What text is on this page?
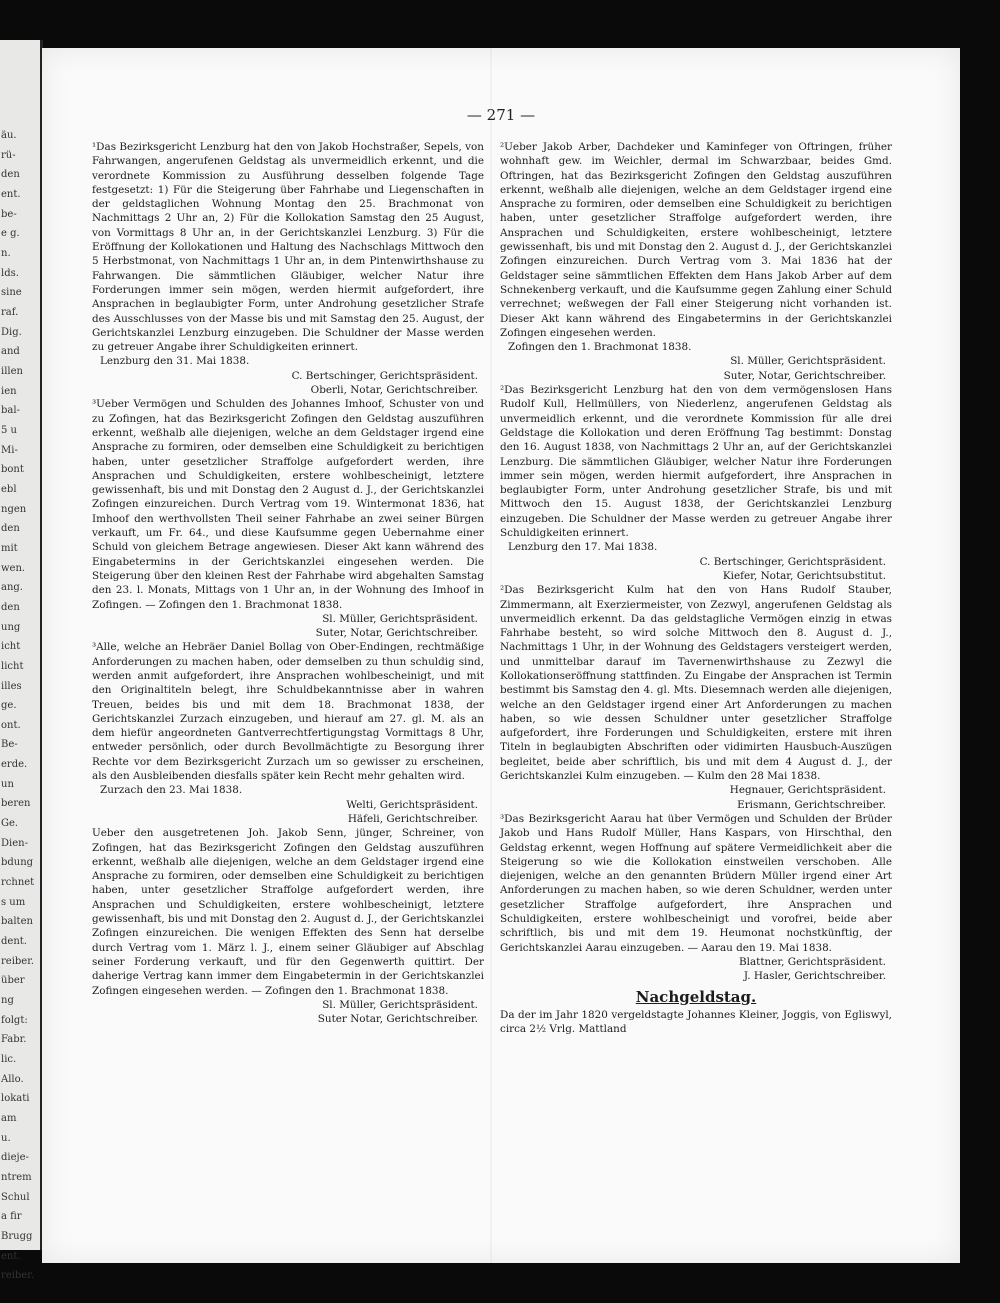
äu.
rü-
den
ent.
be-
e g.
n.
lds.
sine
raf.
Dig.
and
illen
ien
bal-
5 u
Mi-
bont
ebl
ngen
den
mit
wen.
ang.
den
ung
icht
licht
illes
ge.
ont.
Be-
erde.
un
beren
Ge.
Dien-
bdung
rchnet
s um
balten
dent.
reiber.
über
ng
folgt:
Fabr.
lic.
Allo.
lokati
am
u.
dieje-
ntrem
Schul
a fir
Brugg
ent.
reiber.
— 271 —

¹Das Bezirksgericht Lenzburg hat den von Jakob Hochstraßer, Sepels, von Fahrwangen, angerufenen Geldstag als unvermeidlich erkennt, und die verordnete Kommission zu Ausführung desselben folgende Tage festgesetzt: 1) Für die Steigerung über Fahrhabe und Liegenschaften in der geldstaglichen Wohnung Montag den 25. Brachmonat von Nachmittags 2 Uhr an, 2) Für die Kollokation Samstag den 25 August, von Vormittags 8 Uhr an, in der Gerichtskanzlei Lenzburg. 3) Für die Eröffnung der Kollokationen und Haltung des Nachschlags Mittwoch den 5 Herbstmonat, von Nachmittags 1 Uhr an, in dem Pintenwirthshause zu Fahrwangen. Die sämmtlichen Gläubiger, welcher Natur ihre Forderungen immer sein mögen, werden hiermit aufgefordert, ihre Ansprachen in beglaubigter Form, unter Androhung gesetzlicher Strafe des Ausschlusses von der Masse bis und mit Samstag den 25. August, der Gerichtskanzlei Lenzburg einzugeben. Die Schuldner der Masse werden zu getreuer Angabe ihrer Schuldigkeiten erinnert.

Lenzburg den 31. Mai 1838.
C. Bertschinger, Gerichtspräsident.
Oberli, Notar, Gerichtschreiber.

³Ueber Vermögen und Schulden des Johannes Imhoof, Schuster von und zu Zofingen, hat das Bezirksgericht Zofingen den Geldstag auszuführen erkennt, weßhalb alle diejenigen, welche an dem Geldstager irgend eine Ansprache zu formiren, oder demselben eine Schuldigkeit zu berichtigen haben, unter gesetzlicher Straffolge aufgefordert werden, ihre Ansprachen und Schuldigkeiten, erstere wohlbescheinigt, letztere gewissenhaft, bis und mit Donstag den 2 August d. J., der Gerichtskanzlei Zofingen einzureichen. Durch Vertrag vom 19. Wintermonat 1836, hat Imhoof den werthvollsten Theil seiner Fahrhabe an zwei seiner Bürgen verkauft, um Fr. 64., und diese Kaufsumme gegen Uebernahme einer Schuld von gleichem Betrage angewiesen. Dieser Akt kann während des Eingabetermins in der Gerichtskanzlei eingesehen werden. Die Steigerung über den kleinen Rest der Fahrhabe wird abgehalten Samstag den 23. l. Monats, Mittags von 1 Uhr an, in der Wohnung des Imhoof in Zofingen. — Zofingen den 1. Brachmonat 1838.

Sl. Müller, Gerichtspräsident.
Suter, Notar, Gerichtschreiber.

³Alle, welche an Hebräer Daniel Bollag von Ober-Endingen, rechtmäßige Anforderungen zu machen haben, oder demselben zu thun schuldig sind, werden anmit aufgefordert, ihre Ansprachen wohlbescheinigt, und mit den Originaltiteln belegt, ihre Schuldbekanntnisse aber in wahren Treuen, beides bis und mit dem 18. Brachmonat 1838, der Gerichtskanzlei Zurzach einzugeben, und hierauf am 27. gl. M. als an dem hiefür angeordneten Gantverrechtfertigungstag Vormittags 8 Uhr, entweder persönlich, oder durch Bevollmächtigte zu Besorgung ihrer Rechte vor dem Bezirksgericht Zurzach um so gewisser zu erscheinen, als den Ausbleibenden diesfalls später kein Recht mehr gehalten wird.

Zurzach den 23. Mai 1838.
Welti, Gerichtspräsident.
Häfeli, Gerichtschreiber.

Ueber den ausgetretenen Joh. Jakob Senn, jünger, Schreiner, von Zofingen, hat das Bezirksgericht Zofingen den Geldstag auszuführen erkennt, weßhalb alle diejenigen, welche an dem Geldstager irgend eine Ansprache zu formiren, oder demselben eine Schuldigkeit zu berichtigen haben, unter gesetzlicher Straffolge aufgefordert werden, ihre Ansprachen und Schuldigkeiten, erstere wohlbescheinigt, letztere gewissenhaft, bis und mit Donstag den 2. August d. J., der Gerichtskanzlei Zofingen einzureichen. Die wenigen Effekten des Senn hat derselbe durch Vertrag vom 1. März l. J., einem seiner Gläubiger auf Abschlag seiner Forderung verkauft, und für den Gegenwerth quittirt. Der daherige Vertrag kann immer dem Eingabetermin in der Gerichtskanzlei Zofingen eingesehen werden. — Zofingen den 1. Brachmonat 1838.

Sl. Müller, Gerichtspräsident.
Suter Notar, Gerichtschreiber.

²Ueber Jakob Arber, Dachdeker und Kaminfeger von Oftringen, früher wohnhaft gew. im Weichler, dermal im Schwarzbaar, beides Gmd. Oftringen, hat das Bezirksgericht Zofingen den Geldstag auszuführen erkennt, weßhalb alle diejenigen, welche an dem Geldstager irgend eine Ansprache zu formiren, oder demselben eine Schuldigkeit zu berichtigen haben, unter gesetzlicher Straffolge aufgefordert werden, ihre Ansprachen und Schuldigkeiten, erstere wohlbescheinigt, letztere gewissenhaft, bis und mit Donstag den 2. August d. J., der Gerichtskanzlei Zofingen einzureichen. Durch Vertrag vom 3. Mai 1836 hat der Geldstager seine sämmtlichen Effekten dem Hans Jakob Arber auf dem Schnekenberg verkauft, und die Kaufsumme gegen Zahlung einer Schuld verrechnet; weßwegen der Fall einer Steigerung nicht vorhanden ist. Dieser Akt kann während des Eingabetermins in der Gerichtskanzlei Zofingen eingesehen werden.

Zofingen den 1. Brachmonat 1838.
Sl. Müller, Gerichtspräsident.
Suter, Notar, Gerichtschreiber.

²Das Bezirksgericht Lenzburg hat den von dem vermögenslosen Hans Rudolf Kull, Hellmüllers, von Niederlenz, angerufenen Geldstag als unvermeidlich erkennt, und die verordnete Kommission für alle drei Geldstage die Kollokation und deren Eröffnung Tag bestimmt: Donstag den 16. August 1838, von Nachmittags 2 Uhr an, auf der Gerichtskanzlei Lenzburg. Die sämmtlichen Gläubiger, welcher Natur ihre Forderungen immer sein mögen, werden hiermit aufgefordert, ihre Ansprachen in beglaubigter Form, unter Androhung gesetzlicher Strafe, bis und mit Mittwoch den 15. August 1838, der Gerichtskanzlei Lenzburg einzugeben. Die Schuldner der Masse werden zu getreuer Angabe ihrer Schuldigkeiten erinnert.

Lenzburg den 17. Mai 1838.
C. Bertschinger, Gerichtspräsident.
Kiefer, Notar, Gerichtsubstitut.

²Das Bezirksgericht Kulm hat den von Hans Rudolf Stauber, Zimmermann, alt Exerziermeister, von Zezwyl, angerufenen Geldstag als unvermeidlich erkennt. Da das geldstagliche Vermögen einzig in etwas Fahrhabe besteht, so wird solche Mittwoch den 8. August d. J., Nachmittags 1 Uhr, in der Wohnung des Geldstagers versteigert werden, und unmittelbar darauf im Tavernenwirthshause zu Zezwyl die Kollokationseröffnung stattfinden. Zu Eingabe der Ansprachen ist Termin bestimmt bis Samstag den 4. gl. Mts. Diesemnach werden alle diejenigen, welche an den Geldstager irgend einer Art Anforderungen zu machen haben, so wie dessen Schuldner unter gesetzlicher Straffolge aufgefordert, ihre Forderungen und Schuldigkeiten, erstere mit ihren Titeln in beglaubigten Abschriften oder vidimirten Hausbuch-Auszügen begleitet, beide aber schriftlich, bis und mit dem 4 August d. J., der Gerichtskanzlei Kulm einzugeben. — Kulm den 28 Mai 1838.

Hegnauer, Gerichtspräsident.
Erismann, Gerichtschreiber.

³Das Bezirksgericht Aarau hat über Vermögen und Schulden der Brüder Jakob und Hans Rudolf Müller, Hans Kaspars, von Hirschthal, den Geldstag erkennt, wegen Hoffnung auf spätere Vermeidlichkeit aber die Steigerung so wie die Kollokation einstweilen verschoben. Alle diejenigen, welche an den genannten Brüdern Müller irgend einer Art Anforderungen zu machen haben, so wie deren Schuldner, werden unter gesetzlicher Straffolge aufgefordert, ihre Ansprachen und Schuldigkeiten, erstere wohlbescheinigt und vorofrei, beide aber schriftlich, bis und mit dem 19. Heumonat nochstkünftig, der Gerichtskanzlei Aarau einzugeben. — Aarau den 19. Mai 1838.

Blattner, Gerichtspräsident.
J. Hasler, Gerichtschreiber.
Nachgeldstag.

Da der im Jahr 1820 vergeldstagte Johannes Kleiner, Joggis, von Egliswyl, circa 2½ Vrlg. Mattland
